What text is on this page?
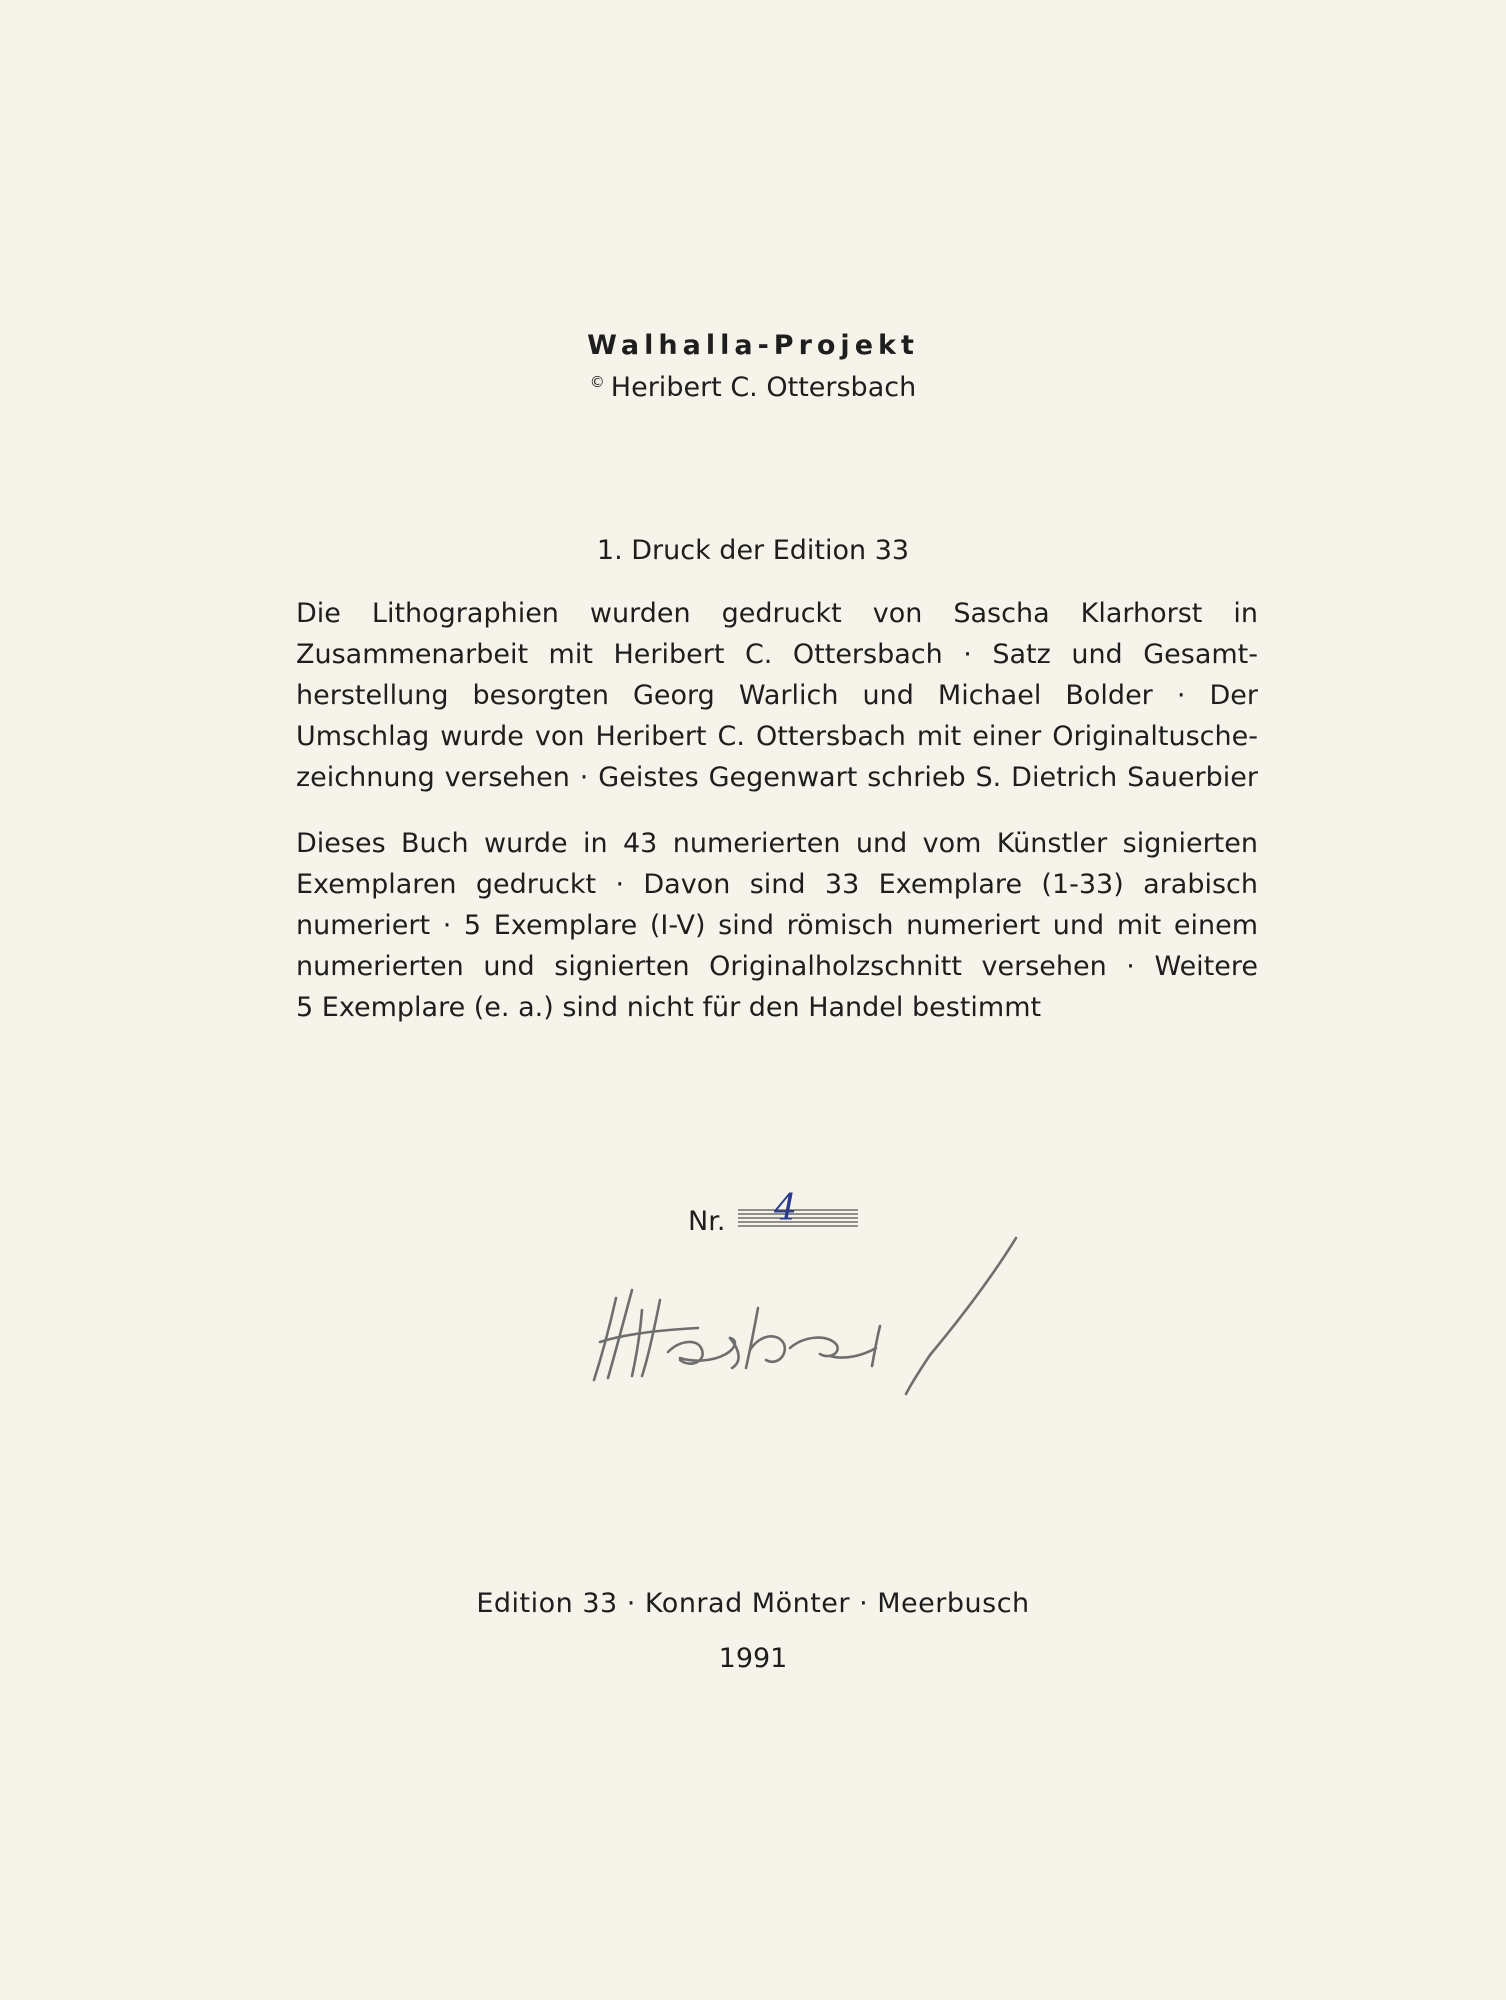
Walhalla-Projekt
© Heribert C. Ottersbach
1. Druck der Edition 33
Die Lithographien wurden gedruckt von Sascha Klarhorst in
Zusammenarbeit mit Heribert C. Ottersbach · Satz und Gesamt-
herstellung besorgten Georg Warlich und Michael Bolder · Der
Umschlag wurde von Heribert C. Ottersbach mit einer Originaltusche-
zeichnung versehen · Geistes Gegenwart schrieb S. Dietrich Sauerbier
Dieses Buch wurde in 43 numerierten und vom Künstler signierten
Exemplaren gedruckt · Davon sind 33 Exemplare (1-33) arabisch
numeriert · 5 Exemplare (I-V) sind römisch numeriert und mit einem
numerierten und signierten Originalholzschnitt versehen · Weitere
5 Exemplare (e. a.) sind nicht für den Handel bestimmt
Nr. 4
Edition 33 · Konrad Mönter · Meerbusch
1991
